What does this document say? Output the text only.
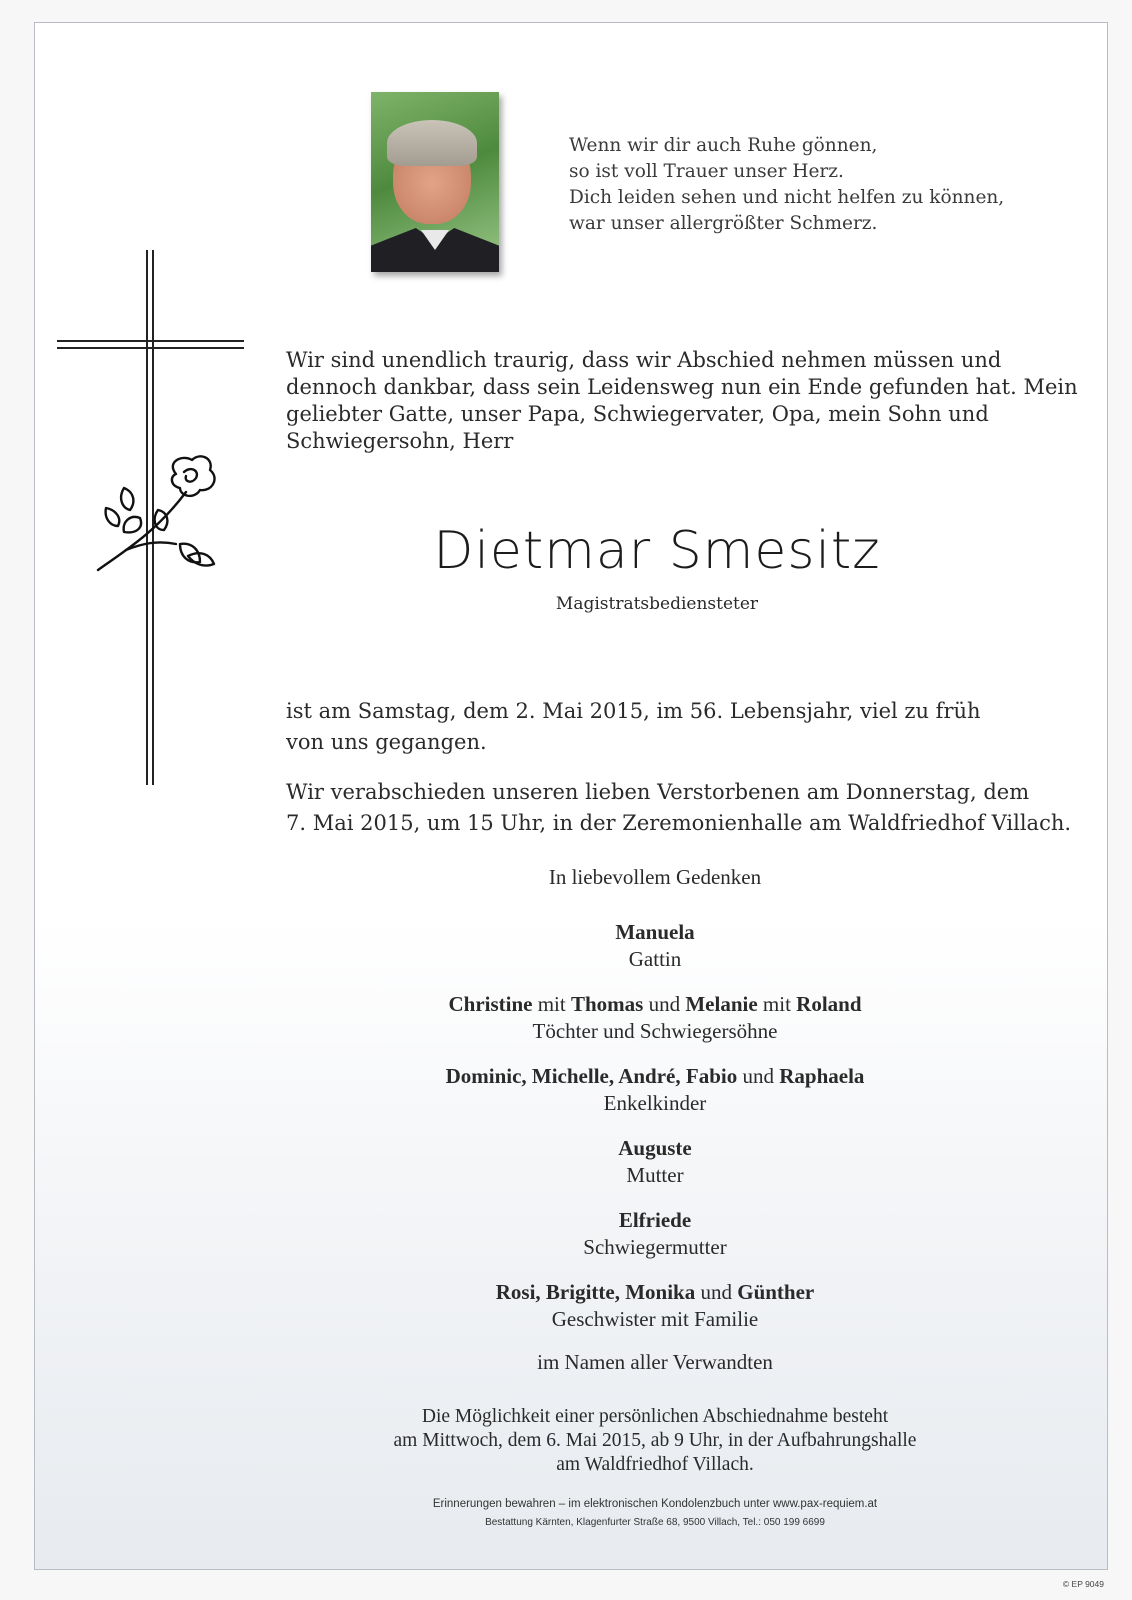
Wenn wir dir auch Ruhe gönnen,
so ist voll Trauer unser Herz.
Dich leiden sehen und nicht helfen zu können,
war unser allergrößter Schmerz.
Wir sind unendlich traurig, dass wir Abschied nehmen müssen und
dennoch dankbar, dass sein Leidensweg nun ein Ende gefunden hat. Mein
geliebter Gatte, unser Papa, Schwiegervater, Opa, mein Sohn und
Schwiegersohn, Herr
Dietmar Smesitz
Magistratsbediensteter
ist am Samstag, dem 2. Mai 2015, im 56. Lebensjahr, viel zu früh
von uns gegangen.
Wir verabschieden unseren lieben Verstorbenen am Donnerstag, dem
7. Mai 2015, um 15 Uhr, in der Zeremonienhalle am Waldfriedhof Villach.
In liebevollem Gedenken
Manuela
Gattin
Christine mit Thomas und Melanie mit Roland
Töchter und Schwiegersöhne
Dominic, Michelle, André, Fabio und Raphaela
Enkelkinder
Auguste
Mutter
Elfriede
Schwiegermutter
Rosi, Brigitte, Monika und Günther
Geschwister mit Familie
im Namen aller Verwandten
Die Möglichkeit einer persönlichen Abschiednahme besteht
am Mittwoch, dem 6. Mai 2015, ab 9 Uhr, in der Aufbahrungshalle
am Waldfriedhof Villach.
Erinnerungen bewahren – im elektronischen Kondolenzbuch unter www.pax-requiem.at
Bestattung Kärnten, Klagenfurter Straße 68, 9500 Villach, Tel.: 050 199 6699
© EP 9049
